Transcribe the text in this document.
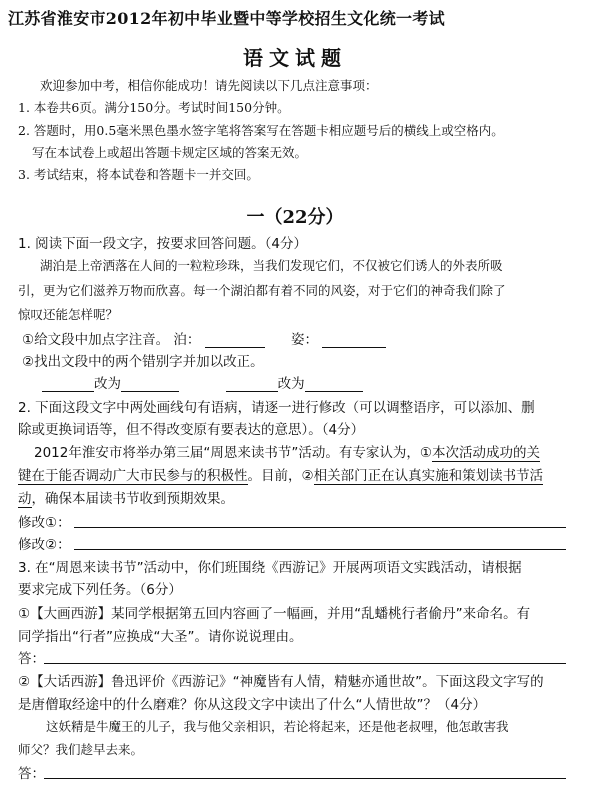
江苏省淮安市2012年初中毕业暨中等学校招生文化统一考试
语文试题
欢迎参加中考，相信你能成功！请先阅读以下几点注意事项：
1. 本卷共6页。满分150分。考试时间150分钟。
2. 答题时，用0.5毫米黑色墨水签字笔将答案写在答题卡相应题号后的横线上或空格内。
写在本试卷上或超出答题卡规定区域的答案无效。
3. 考试结束，将本试卷和答题卡一并交回。
一（22分）
1. 阅读下面一段文字，按要求回答问题。（4分）
湖泊是上帝洒落在人间的一粒粒珍珠，当我们发现它们，不仅被它们诱人的外表所吸
引，更为它们滋养万物而欣喜。每一个湖泊都有着不同的风姿，对于它们的神奇我们除了
惊叹还能怎样呢？
①给文段中加点字注音。 泊：	姿：
②找出文段中的两个错别字并加以改正。
改为	改为
2. 下面这段文字中两处画线句有语病，请逐一进行修改（可以调整语序，可以添加、删
除或更换词语等，但不得改变原有要表达的意思）。（4分）
2012年淮安市将举办第三届“周恩来读书节”活动。有专家认为，①本次活动成功的关
键在于能否调动广大市民参与的积极性。目前，②相关部门正在认真实施和策划读书节活
动，确保本届读书节收到预期效果。
修改①：
修改②：
3. 在“周恩来读书节”活动中，你们班围绕《西游记》开展两项语文实践活动，请根据
要求完成下列任务。（6分）
①【大画西游】某同学根据第五回内容画了一幅画，并用“乱蟠桃行者偷丹”来命名。有
同学指出“行者”应换成“大圣”。请你说说理由。
答：
②【大话西游】鲁迅评价《西游记》“神魔皆有人情，精魅亦通世故”。下面这段文字写的
是唐僧取经途中的什么磨难？你从这段文字中读出了什么“人情世故”？（4分）
这妖精是牛魔王的儿子，我与他父亲相识，若论将起来，还是他老叔哩，他怎敢害我
师父？我们趁早去来。
答：
